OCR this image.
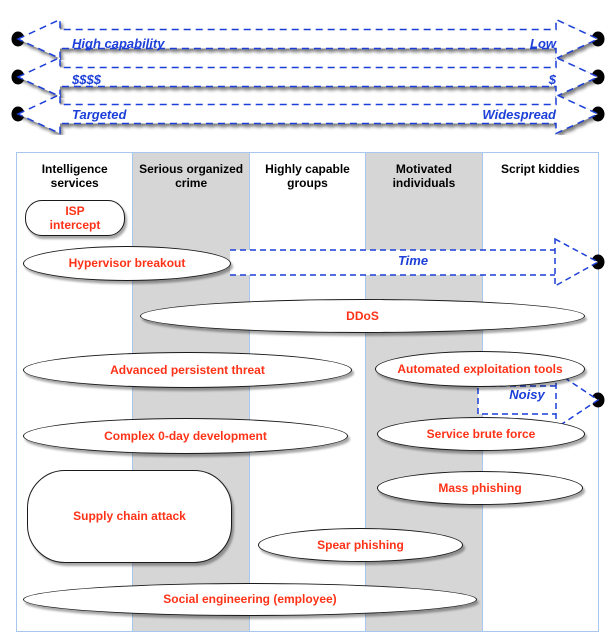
High capability	Low
$$$$	$
Targeted	Widespread
Intelligence services
Serious organized crime
Highly capable groups
Motivated individuals
Script kiddies
Time
Noisy
ISP intercept
Hypervisor breakout
DDoS
Advanced persistent threat	Automated exploitation tools
Complex 0-day development	Service brute force
Supply chain attack
Mass phishing
Spear phishing
Social engineering (employee)
